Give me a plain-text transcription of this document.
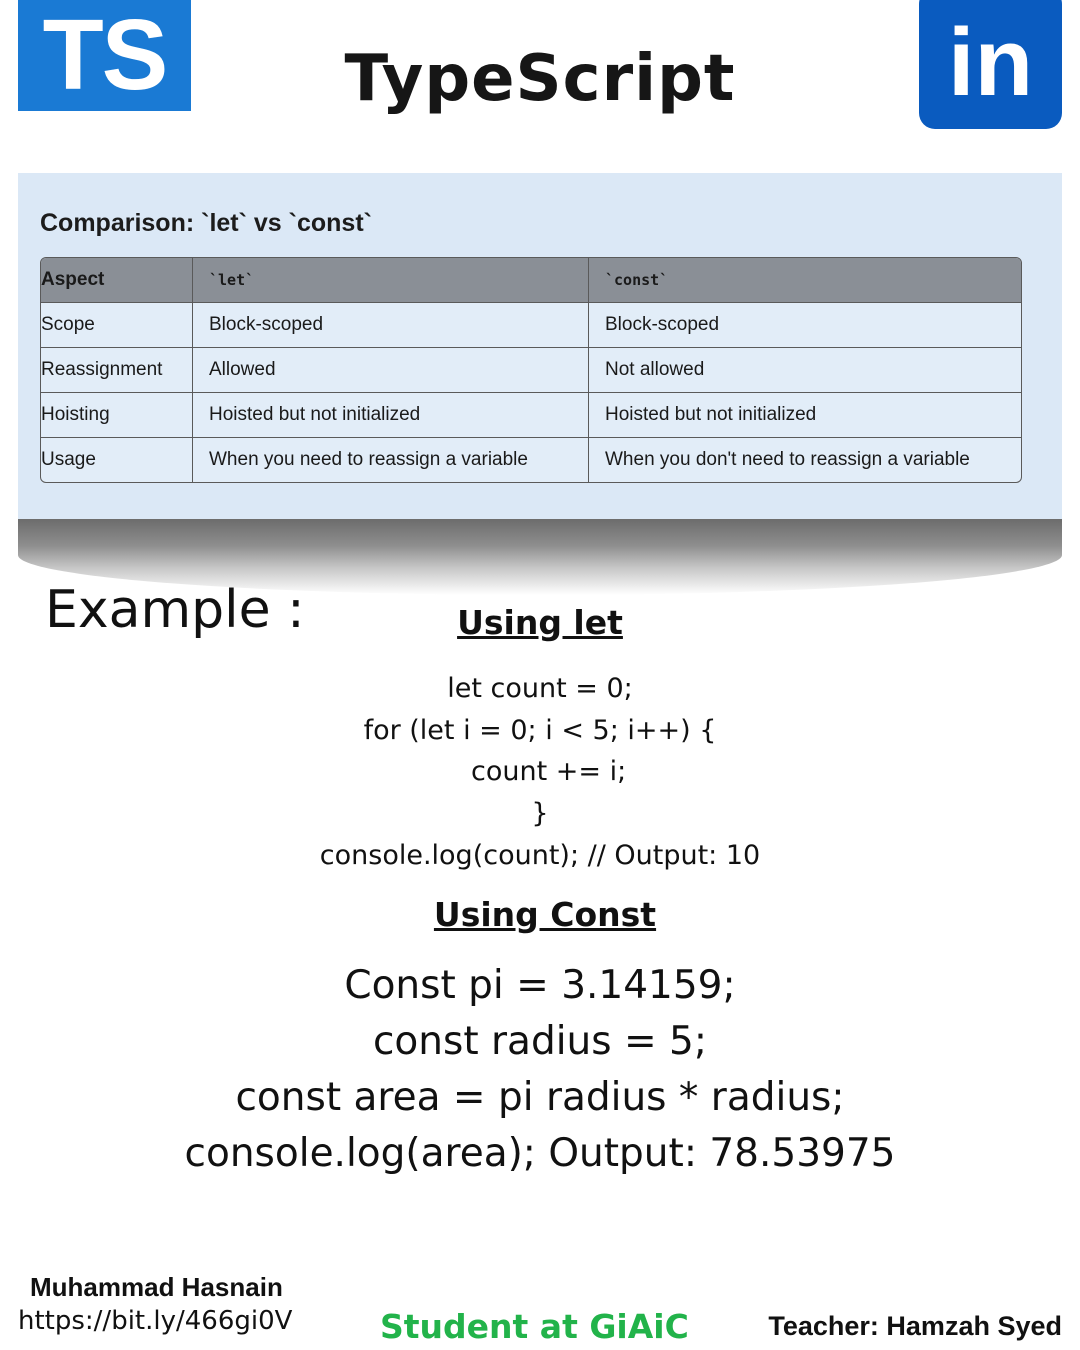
TS	TypeScript	in
Comparison: `let` vs `const`
Aspect	`let`	`const`
Scope	Block-scoped	Block-scoped
Reassignment	Allowed	Not allowed
Hoisting	Hoisted but not initialized	Hoisted but not initialized
Usage	When you need to reassign a variable	When you don't need to reassign a variable
Example :	Using let
let count = 0;
for (let i = 0; i < 5; i++) {
count += i;
}
console.log(count); // Output: 10
Using Const
Const pi = 3.14159;
const radius = 5;
const area = pi radius * radius;
console.log(area); Output: 78.53975
Muhammad Hasnain
https://bit.ly/466gi0V	Student at GiAiC	Teacher: Hamzah Syed
